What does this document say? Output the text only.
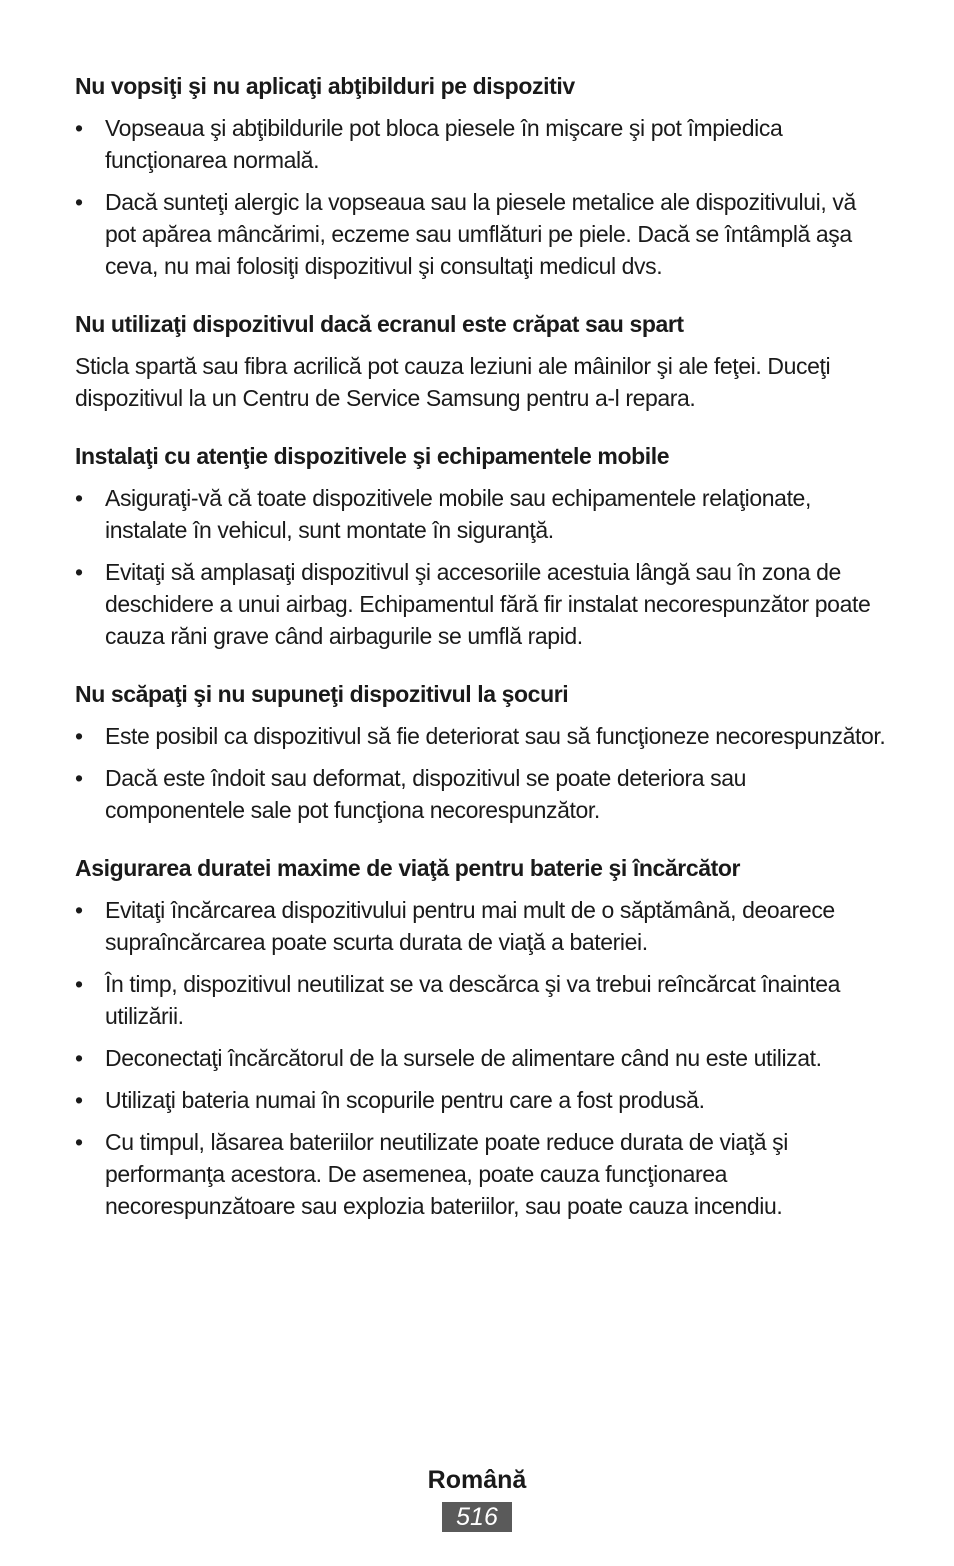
Nu vopsiţi şi nu aplicaţi abţibilduri pe dispozitiv
• Vopseaua şi abţibildurile pot bloca piesele în mişcare şi pot împiedica funcţionarea normală.
• Dacă sunteţi alergic la vopseaua sau la piesele metalice ale dispozitivului, vă pot apărea mâncărimi, eczeme sau umflături pe piele. Dacă se întâmplă aşa ceva, nu mai folosiţi dispozitivul şi consultaţi medicul dvs.
Nu utilizaţi dispozitivul dacă ecranul este crăpat sau spart

Sticla spartă sau fibra acrilică pot cauza leziuni ale mâinilor şi ale feţei. Duceţi dispozitivul la un Centru de Service Samsung pentru a-l repara.

Instalaţi cu atenţie dispozitivele şi echipamentele mobile
• Asiguraţi-vă că toate dispozitivele mobile sau echipamentele relaţionate, instalate în vehicul, sunt montate în siguranţă.
• Evitaţi să amplasaţi dispozitivul şi accesoriile acestuia lângă sau în zona de deschidere a unui airbag. Echipamentul fără fir instalat necorespunzător poate cauza răni grave când airbagurile se umflă rapid.
Nu scăpaţi şi nu supuneţi dispozitivul la şocuri
• Este posibil ca dispozitivul să fie deteriorat sau să funcţioneze necorespunzător.
• Dacă este îndoit sau deformat, dispozitivul se poate deteriora sau componentele sale pot funcţiona necorespunzător.
Asigurarea duratei maxime de viaţă pentru baterie şi încărcător
• Evitaţi încărcarea dispozitivului pentru mai mult de o săptămână, deoarece supraîncărcarea poate scurta durata de viaţă a bateriei.
• În timp, dispozitivul neutilizat se va descărca şi va trebui reîncărcat înaintea utilizării.
• Deconectaţi încărcătorul de la sursele de alimentare când nu este utilizat.
• Utilizaţi bateria numai în scopurile pentru care a fost produsă.
• Cu timpul, lăsarea bateriilor neutilizate poate reduce durata de viaţă şi performanţa acestora. De asemenea, poate cauza funcţionarea necorespunzătoare sau explozia bateriilor, sau poate cauza incendiu.
Română
516
